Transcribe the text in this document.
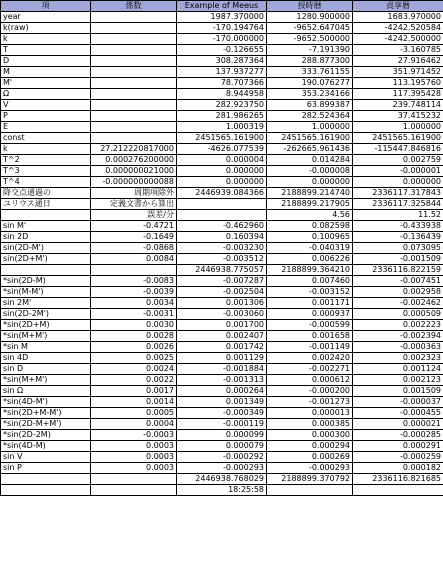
項	係数	Example of Meeus	授時暦	貞享暦
year		1987.370000	1280.900000	1683.970000
k(raw)		-170.194764	-9652.647045	-4242.520584
k		-170.000000	-9652.500000	-4242.500000
T		-0.126655	-7.191390	-3.160785
D		308.287364	288.877300	27.916462
M		137.937277	333.761155	351.971452
M'		78.707366	190.076277	113.195760
Ω		8.944958	353.234166	117.395428
V		282.923750	63.899387	239.748114
P		281.986265	282.524364	37.415232
E		1.000319	1.000000	1.000000
const		2451565.161900	2451565.161900	2451565.161900
k	27.212220817000	-4626.077539	-262665.961436	-115447.846816
T^2	0.000276200000	0.000004	0.014284	0.002759
T^3	0.000000021000	0.000000	-0.000008	-0.000001
T^4	-0.000000000088	0.000000	0.000000	0.000000
降交点通過の	周期項除外	2446939.084366	2188899.214740	2336117.317843
ユリウス通日	定義文書から算出		2188899.217905	2336117.325844
	誤差/分		4.56	11.52
sin M'	-0.4721	-0.462960	0.082598	-0.433938
sin 2D	-0.1649	0.160394	0.100965	-0.136439
sin(2D-M')	-0.0868	-0.003230	-0.040319	0.073095
sin(2D+M')	0.0084	-0.003512	0.006226	-0.001509
		2446938.775057	2188899.364210	2336116.822159
*sin(2D-M)	-0.0083	-0.007287	0.007460	-0.007451
*sin(M-M')	-0.0039	-0.002504	-0.003152	0.002958
sin 2M'	0.0034	0.001306	0.001171	-0.002462
sin(2D-2M')	-0.0031	-0.003060	0.000937	0.000509
*sin(2D+M)	0.0030	0.001700	-0.000599	0.002223
*sin(M+M')	0.0028	0.002407	0.001658	-0.002394
*sin M	0.0026	0.001742	-0.001149	-0.000363
sin 4D	0.0025	0.001129	0.002420	0.002323
sin D	0.0024	-0.001884	-0.002271	0.001124
*sin(M+M')	0.0022	-0.001313	0.000612	0.002123
sin Ω	0.0017	0.000264	-0.000200	0.001509
*sin(4D-M')	0.0014	0.001349	-0.001273	-0.000037
*sin(2D+M-M')	0.0005	-0.000349	0.000013	-0.000455
*sin(2D-M+M')	0.0004	-0.000119	0.000385	0.000021
*sin(2D-2M)	-0.0003	0.000099	0.000300	-0.000285
*sin(4D-M)	0.0003	0.000079	0.000294	0.000291
sin V	0.0003	-0.000292	0.000269	-0.000259
sin P	0.0003	-0.000293	-0.000293	0.000182
		2446938.768029	2188899.370792	2336116.821685
		18:25:58		
